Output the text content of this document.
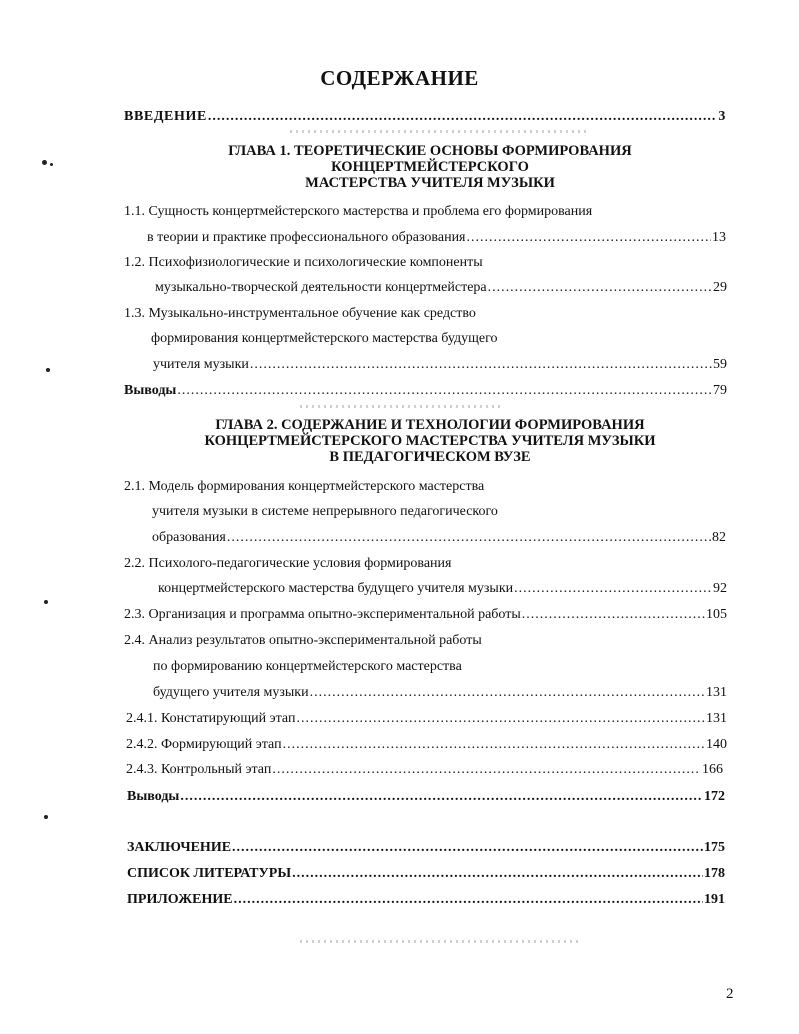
СОДЕРЖАНИЕ
ВВЕДЕНИЕ .....	3
ГЛАВА 1. ТЕОРЕТИЧЕСКИЕ ОСНОВЫ ФОРМИРОВАНИЯ
КОНЦЕРТМЕЙСТЕРСКОГО
МАСТЕРСТВА УЧИТЕЛЯ МУЗЫКИ
1.1. Сущность концертмейстерского мастерства и проблема его формирования
в теории и практике профессионального образования .....	13
1.2. Психофизиологические и психологические компоненты
музыкально-творческой деятельности концертмейстера .....	29
1.3. Музыкально-инструментальное обучение как средство
формирования концертмейстерского мастерства будущего
учителя музыки .....	59
Выводы .....	79
ГЛАВА 2. СОДЕРЖАНИЕ И ТЕХНОЛОГИИ ФОРМИРОВАНИЯ
КОНЦЕРТМЕЙСТЕРСКОГО МАСТЕРСТВА УЧИТЕЛЯ МУЗЫКИ
В ПЕДАГОГИЧЕСКОМ ВУЗЕ
2.1. Модель формирования концертмейстерского мастерства
учителя музыки в системе непрерывного педагогического
образования .....	82
2.2. Психолого-педагогические условия формирования
концертмейстерского мастерства будущего учителя музыки .....	92
2.3. Организация и программа опытно-экспериментальной работы .....	105
2.4. Анализ результатов опытно-экспериментальной работы
по формированию концертмейстерского мастерства
будущего учителя музыки .....	131
2.4.1. Констатирующий этап .....	131
2.4.2. Формирующий этап .....	140
2.4.3. Контрольный этап .....	166
Выводы .....	172
ЗАКЛЮЧЕНИЕ .....	175
СПИСОК ЛИТЕРАТУРЫ .....	178
ПРИЛОЖЕНИЕ .....	191
2
